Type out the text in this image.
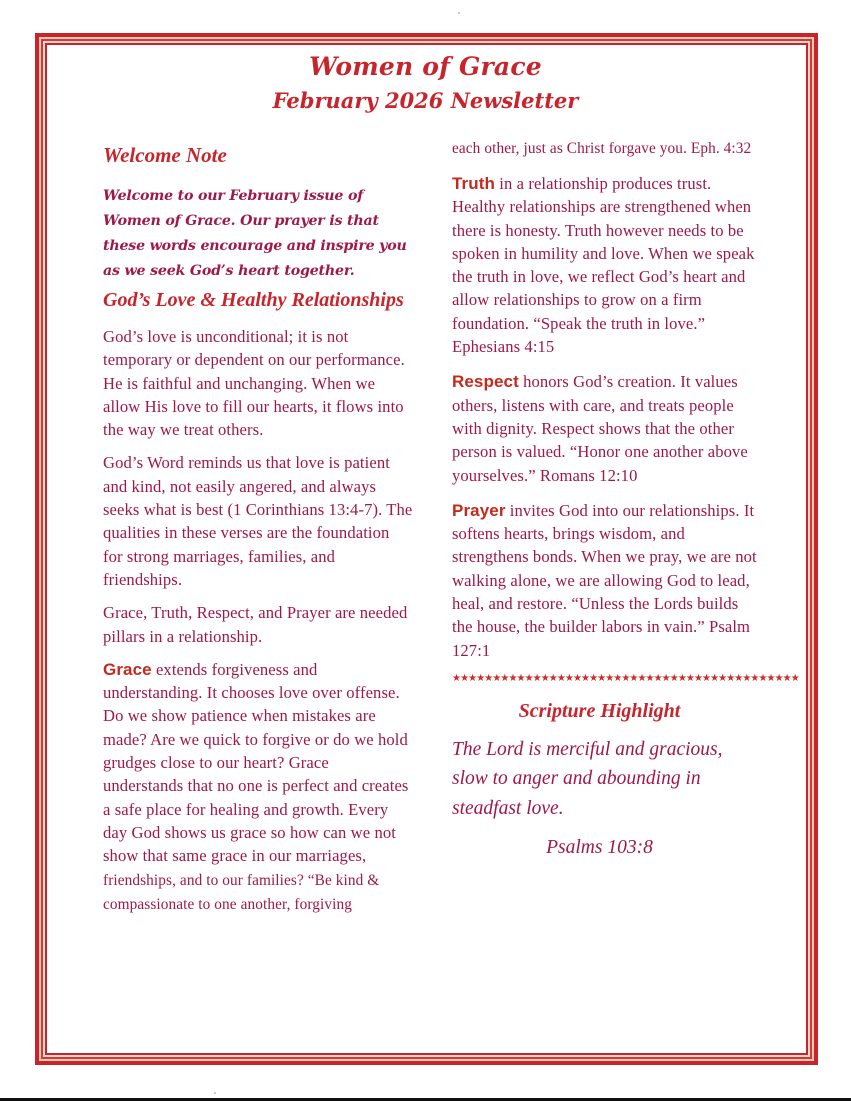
Women of Grace
February 2026 Newsletter
Welcome Note

Welcome to our February issue of Women of Grace. Our prayer is that these words encourage and inspire you as we seek God’s heart together.

God’s Love & Healthy Relationships

God’s love is unconditional; it is not temporary or dependent on our performance. He is faithful and unchanging. When we allow His love to fill our hearts, it flows into the way we treat others.

God’s Word reminds us that love is patient and kind, not easily angered, and always seeks what is best (1 Corinthians 13:4-7). The qualities in these verses are the foundation for strong marriages, families, and friendships.

Grace, Truth, Respect, and Prayer are needed pillars in a relationship.

Grace extends forgiveness and understanding. It chooses love over offense. Do we show patience when mistakes are made? Are we quick to forgive or do we hold grudges close to our heart? Grace understands that no one is perfect and creates a safe place for healing and growth. Every day God shows us grace so how can we not show that same grace in our marriages, friendships, and to our families? “Be kind & compassionate to one another, forgiving

each other, just as Christ forgave you. Eph. 4:32

Truth in a relationship produces trust. Healthy relationships are strengthened when there is honesty. Truth however needs to be spoken in humility and love. When we speak the truth in love, we reflect God’s heart and allow relationships to grow on a firm foundation. “Speak the truth in love.” Ephesians 4:15

Respect honors God’s creation. It values others, listens with care, and treats people with dignity. Respect shows that the other person is valued. “Honor one another above yourselves.” Romans 12:10

Prayer invites God into our relationships. It softens hearts, brings wisdom, and strengthens bonds. When we pray, we are not walking alone, we are allowing God to lead, heal, and restore. “Unless the Lords builds the house, the builder labors in vain.” Psalm 127:1

★★★★★★★★★★★★★★★★★★★★★★★★★★★★★★★★★★★★★★★★★★★
Scripture Highlight

The Lord is merciful and gracious, slow to anger and abounding in steadfast love.

Psalms 103:8
